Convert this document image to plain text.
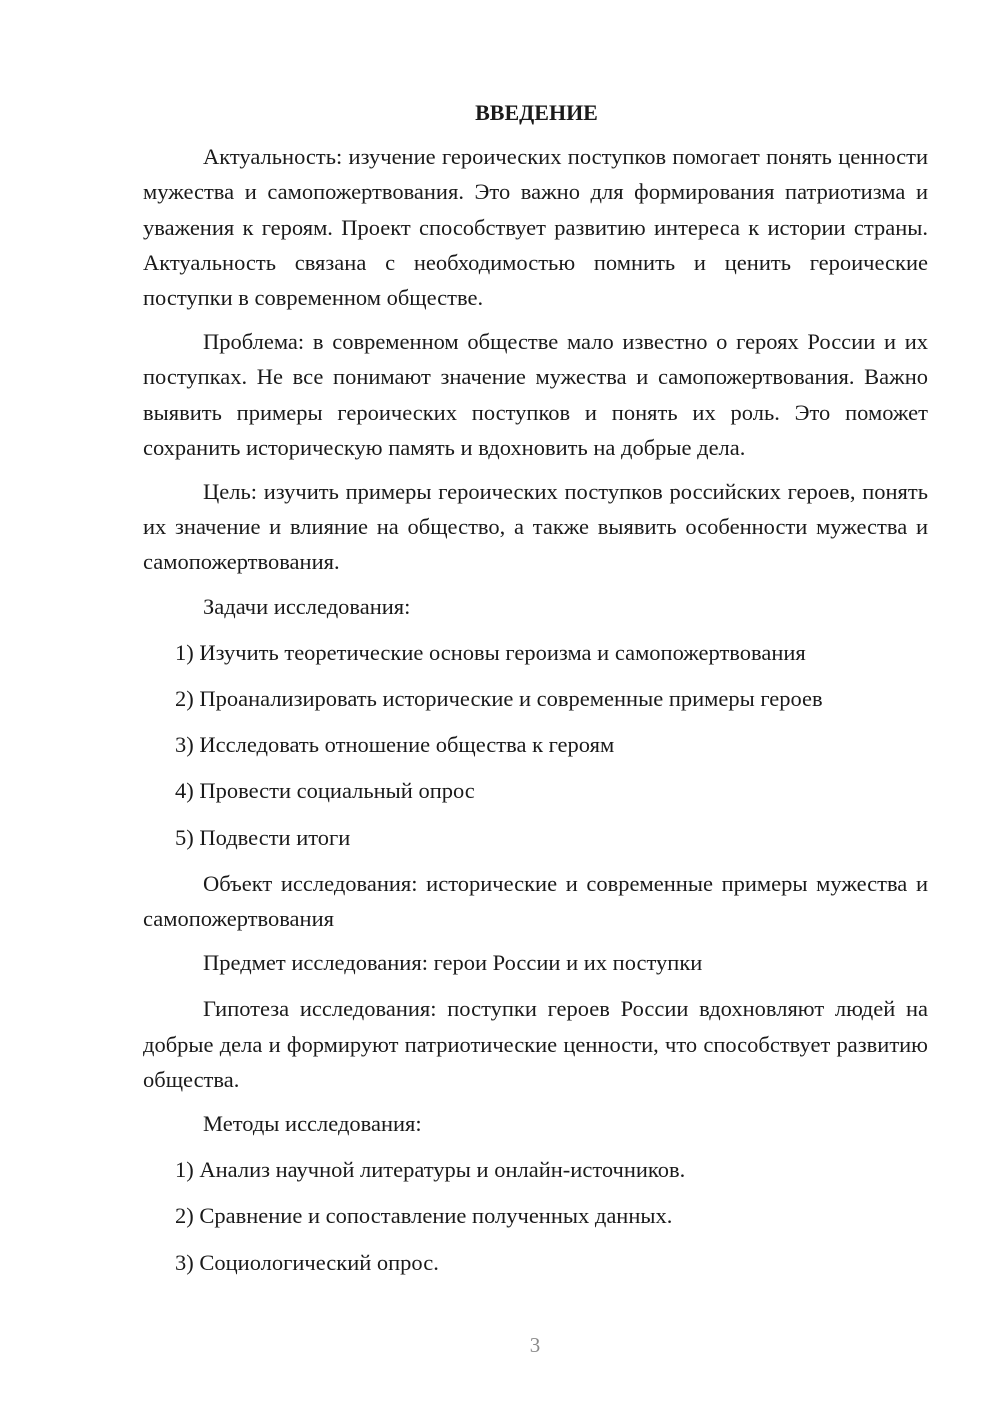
ВВЕДЕНИЕ

Актуальность: изучение героических поступков помогает понять ценности мужества и самопожертвования. Это важно для формирования патриотизма и уважения к героям. Проект способствует развитию интереса к истории страны. Актуальность связана с необходимостью помнить и ценить героические поступки в современном обществе.

Проблема: в современном обществе мало известно о героях России и их поступках. Не все понимают значение мужества и самопожертвования. Важно выявить примеры героических поступков и понять их роль. Это поможет сохранить историческую память и вдохновить на добрые дела.

Цель: изучить примеры героических поступков российских героев, понять их значение и влияние на общество, а также выявить особенности мужества и самопожертвования.

Задачи исследования:
1) Изучить теоретические основы героизма и самопожертвования
2) Проанализировать исторические и современные примеры героев
3) Исследовать отношение общества к героям
4) Провести социальный опрос
5) Подвести итоги

Объект исследования: исторические и современные примеры мужества и самопожертвования

Предмет исследования: герои России и их поступки

Гипотеза исследования: поступки героев России вдохновляют людей на добрые дела и формируют патриотические ценности, что способствует развитию общества.

Методы исследования:
1) Анализ научной литературы и онлайн-источников.
2) Сравнение и сопоставление полученных данных.
3) Социологический опрос.
3
